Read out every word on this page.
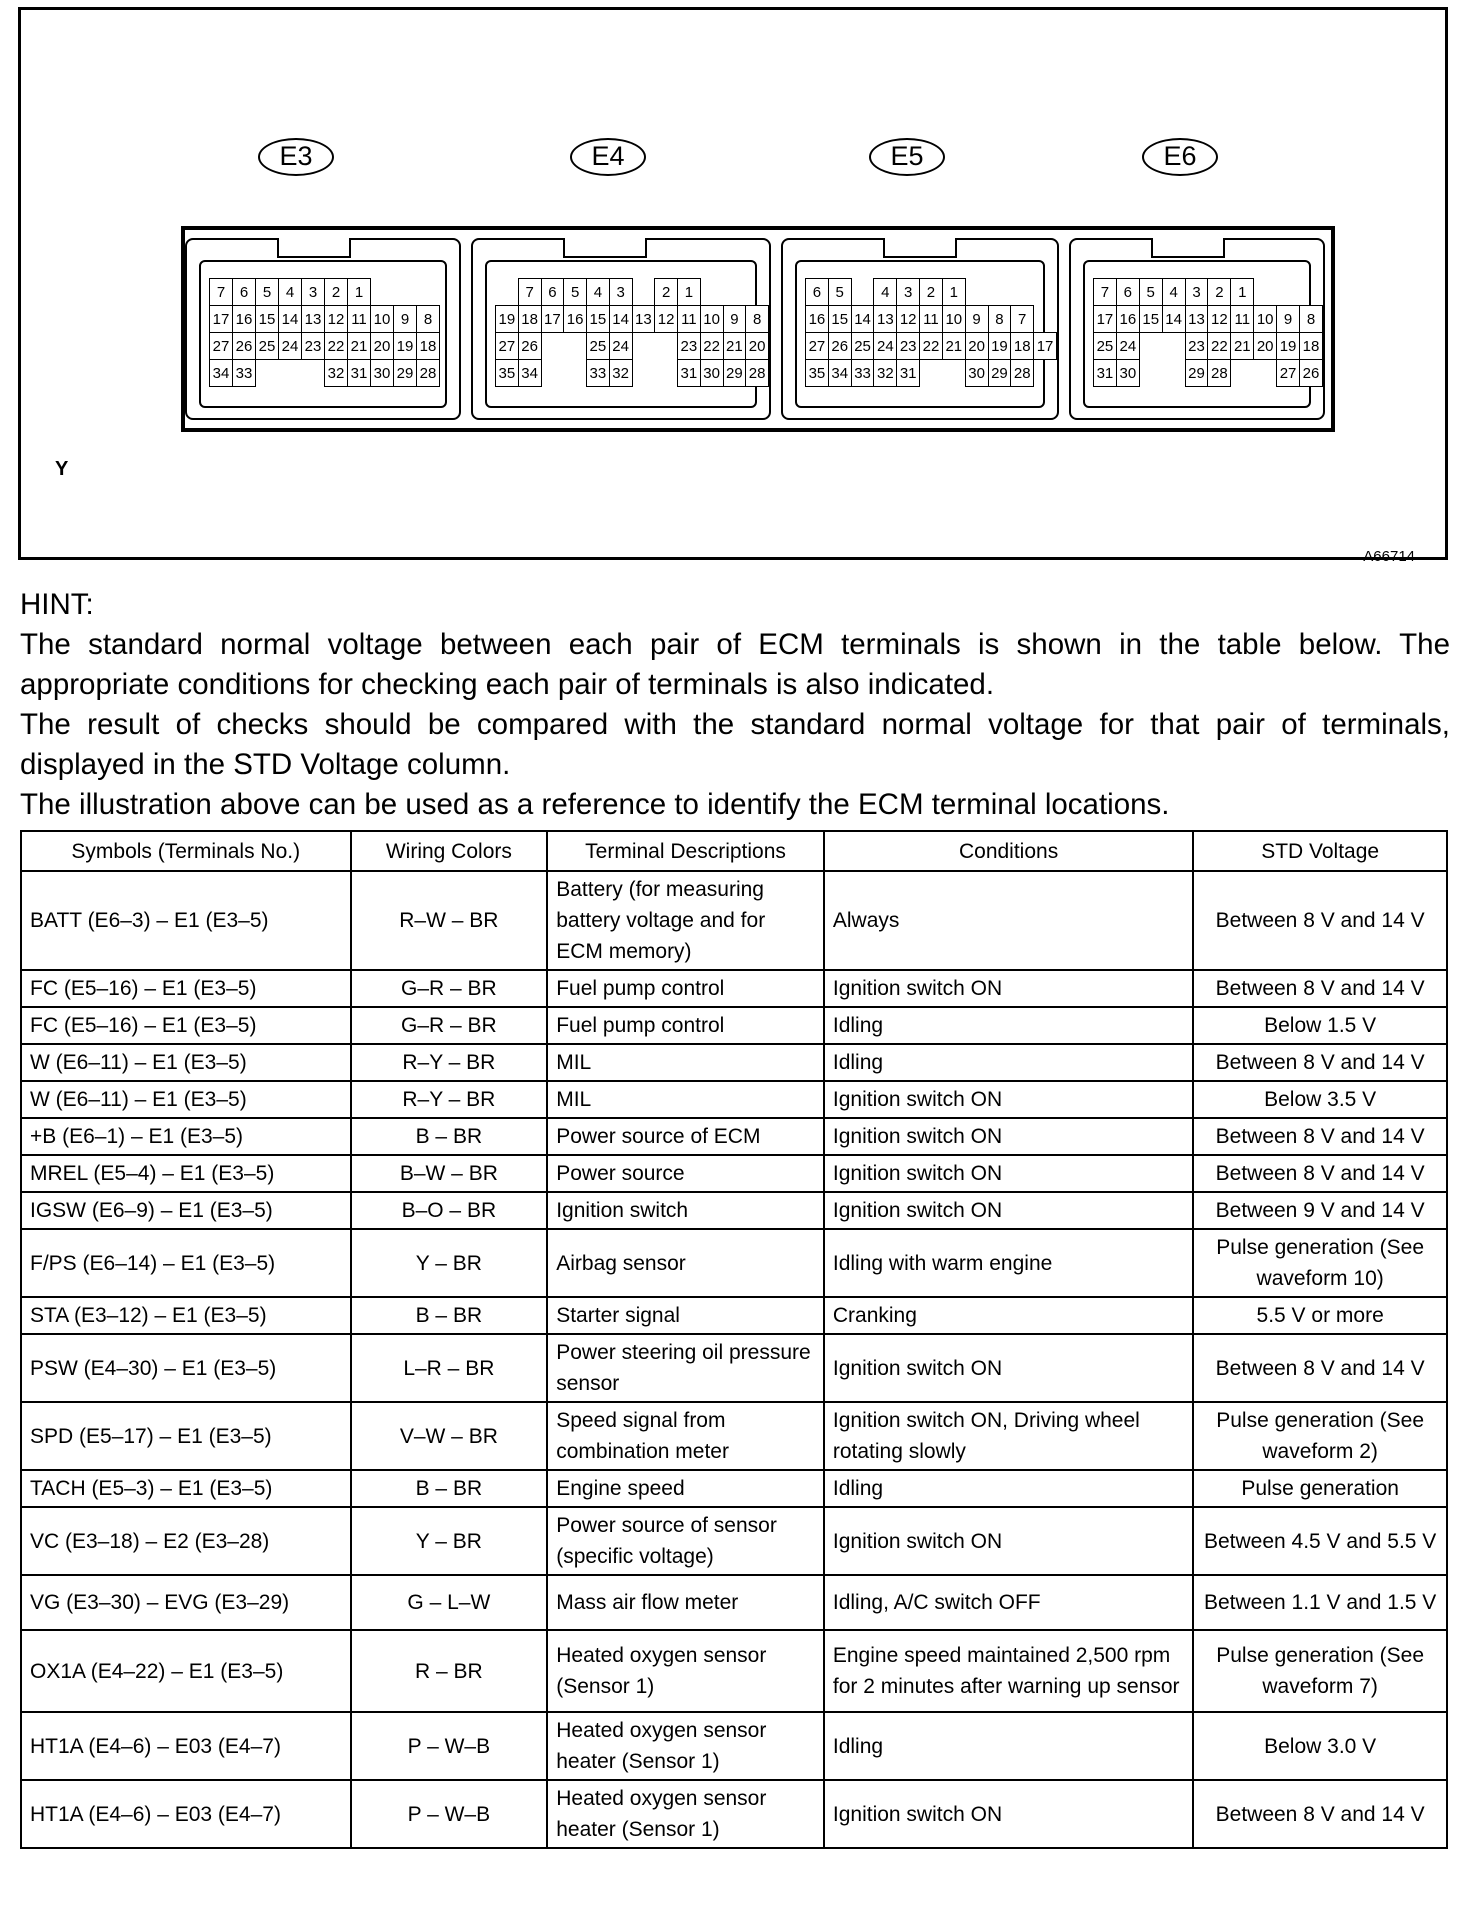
E3	E4	E5	E6
7	6	5	4	3	2	1			
17	16	15	14	13	12	11	10	9	8
27	26	25	24	23	22	21	20	19	18
34	33				32	31	30	29	28
	7	6	5	4	3		2	1			
19	18	17	16	15	14	13	12	11	10	9	8
27	26			25	24			23	22	21	20
35	34			33	32			31	30	29	28
6	5		4	3	2	1				
16	15	14	13	12	11	10	9	8	7	
27	26	25	24	23	22	21	20	19	18	17
35	34	33	32	31			30	29	28	
7	6	5	4	3	2	1			
17	16	15	14	13	12	11	10	9	8
25	24			23	22	21	20	19	18
31	30			29	28			27	26
Y
A66714

HINT:

The standard normal voltage between each pair of ECM terminals is shown in the table below. The appropriate conditions for checking each pair of terminals is also indicated.

The result of checks should be compared with the standard normal voltage for that pair of terminals, displayed in the STD Voltage column.

The illustration above can be used as a reference to identify the ECM terminal locations.

Symbols (Terminals No.)	Wiring Colors	Terminal Descriptions	Conditions	STD Voltage
BATT (E6–3) – E1 (E3–5)	R–W – BR	Battery (for measuring battery voltage and for ECM memory)	Always	Between 8 V and 14 V
FC (E5–16) – E1 (E3–5)	G–R – BR	Fuel pump control	Ignition switch ON	Between 8 V and 14 V
FC (E5–16) – E1 (E3–5)	G–R – BR	Fuel pump control	Idling	Below 1.5 V
W (E6–11) – E1 (E3–5)	R–Y – BR	MIL	Idling	Between 8 V and 14 V
W (E6–11) – E1 (E3–5)	R–Y – BR	MIL	Ignition switch ON	Below 3.5 V
+B (E6–1) – E1 (E3–5)	B – BR	Power source of ECM	Ignition switch ON	Between 8 V and 14 V
MREL (E5–4) – E1 (E3–5)	B–W – BR	Power source	Ignition switch ON	Between 8 V and 14 V
IGSW (E6–9) – E1 (E3–5)	B–O – BR	Ignition switch	Ignition switch ON	Between 9 V and 14 V
F/PS (E6–14) – E1 (E3–5)	Y – BR	Airbag sensor	Idling with warm engine	Pulse generation (See waveform 10)
STA (E3–12) – E1 (E3–5)	B – BR	Starter signal	Cranking	5.5 V or more
PSW (E4–30) – E1 (E3–5)	L–R – BR	Power steering oil pressure sensor	Ignition switch ON	Between 8 V and 14 V
SPD (E5–17) – E1 (E3–5)	V–W – BR	Speed signal from combination meter	Ignition switch ON, Driving wheel rotating slowly	Pulse generation (See waveform 2)
TACH (E5–3) – E1 (E3–5)	B – BR	Engine speed	Idling	Pulse generation
VC (E3–18) – E2 (E3–28)	Y – BR	Power source of sensor (specific voltage)	Ignition switch ON	Between 4.5 V and 5.5 V
VG (E3–30) – EVG (E3–29)	G – L–W	Mass air flow meter	Idling, A/C switch OFF	Between 1.1 V and 1.5 V
OX1A (E4–22) – E1 (E3–5)	R – BR	Heated oxygen sensor (Sensor 1)	Engine speed maintained 2,500 rpm for 2 minutes after warning up sensor	Pulse generation (See waveform 7)
HT1A (E4–6) – E03 (E4–7)	P – W–B	Heated oxygen sensor heater (Sensor 1)	Idling	Below 3.0 V
HT1A (E4–6) – E03 (E4–7)	P – W–B	Heated oxygen sensor heater (Sensor 1)	Ignition switch ON	Between 8 V and 14 V
